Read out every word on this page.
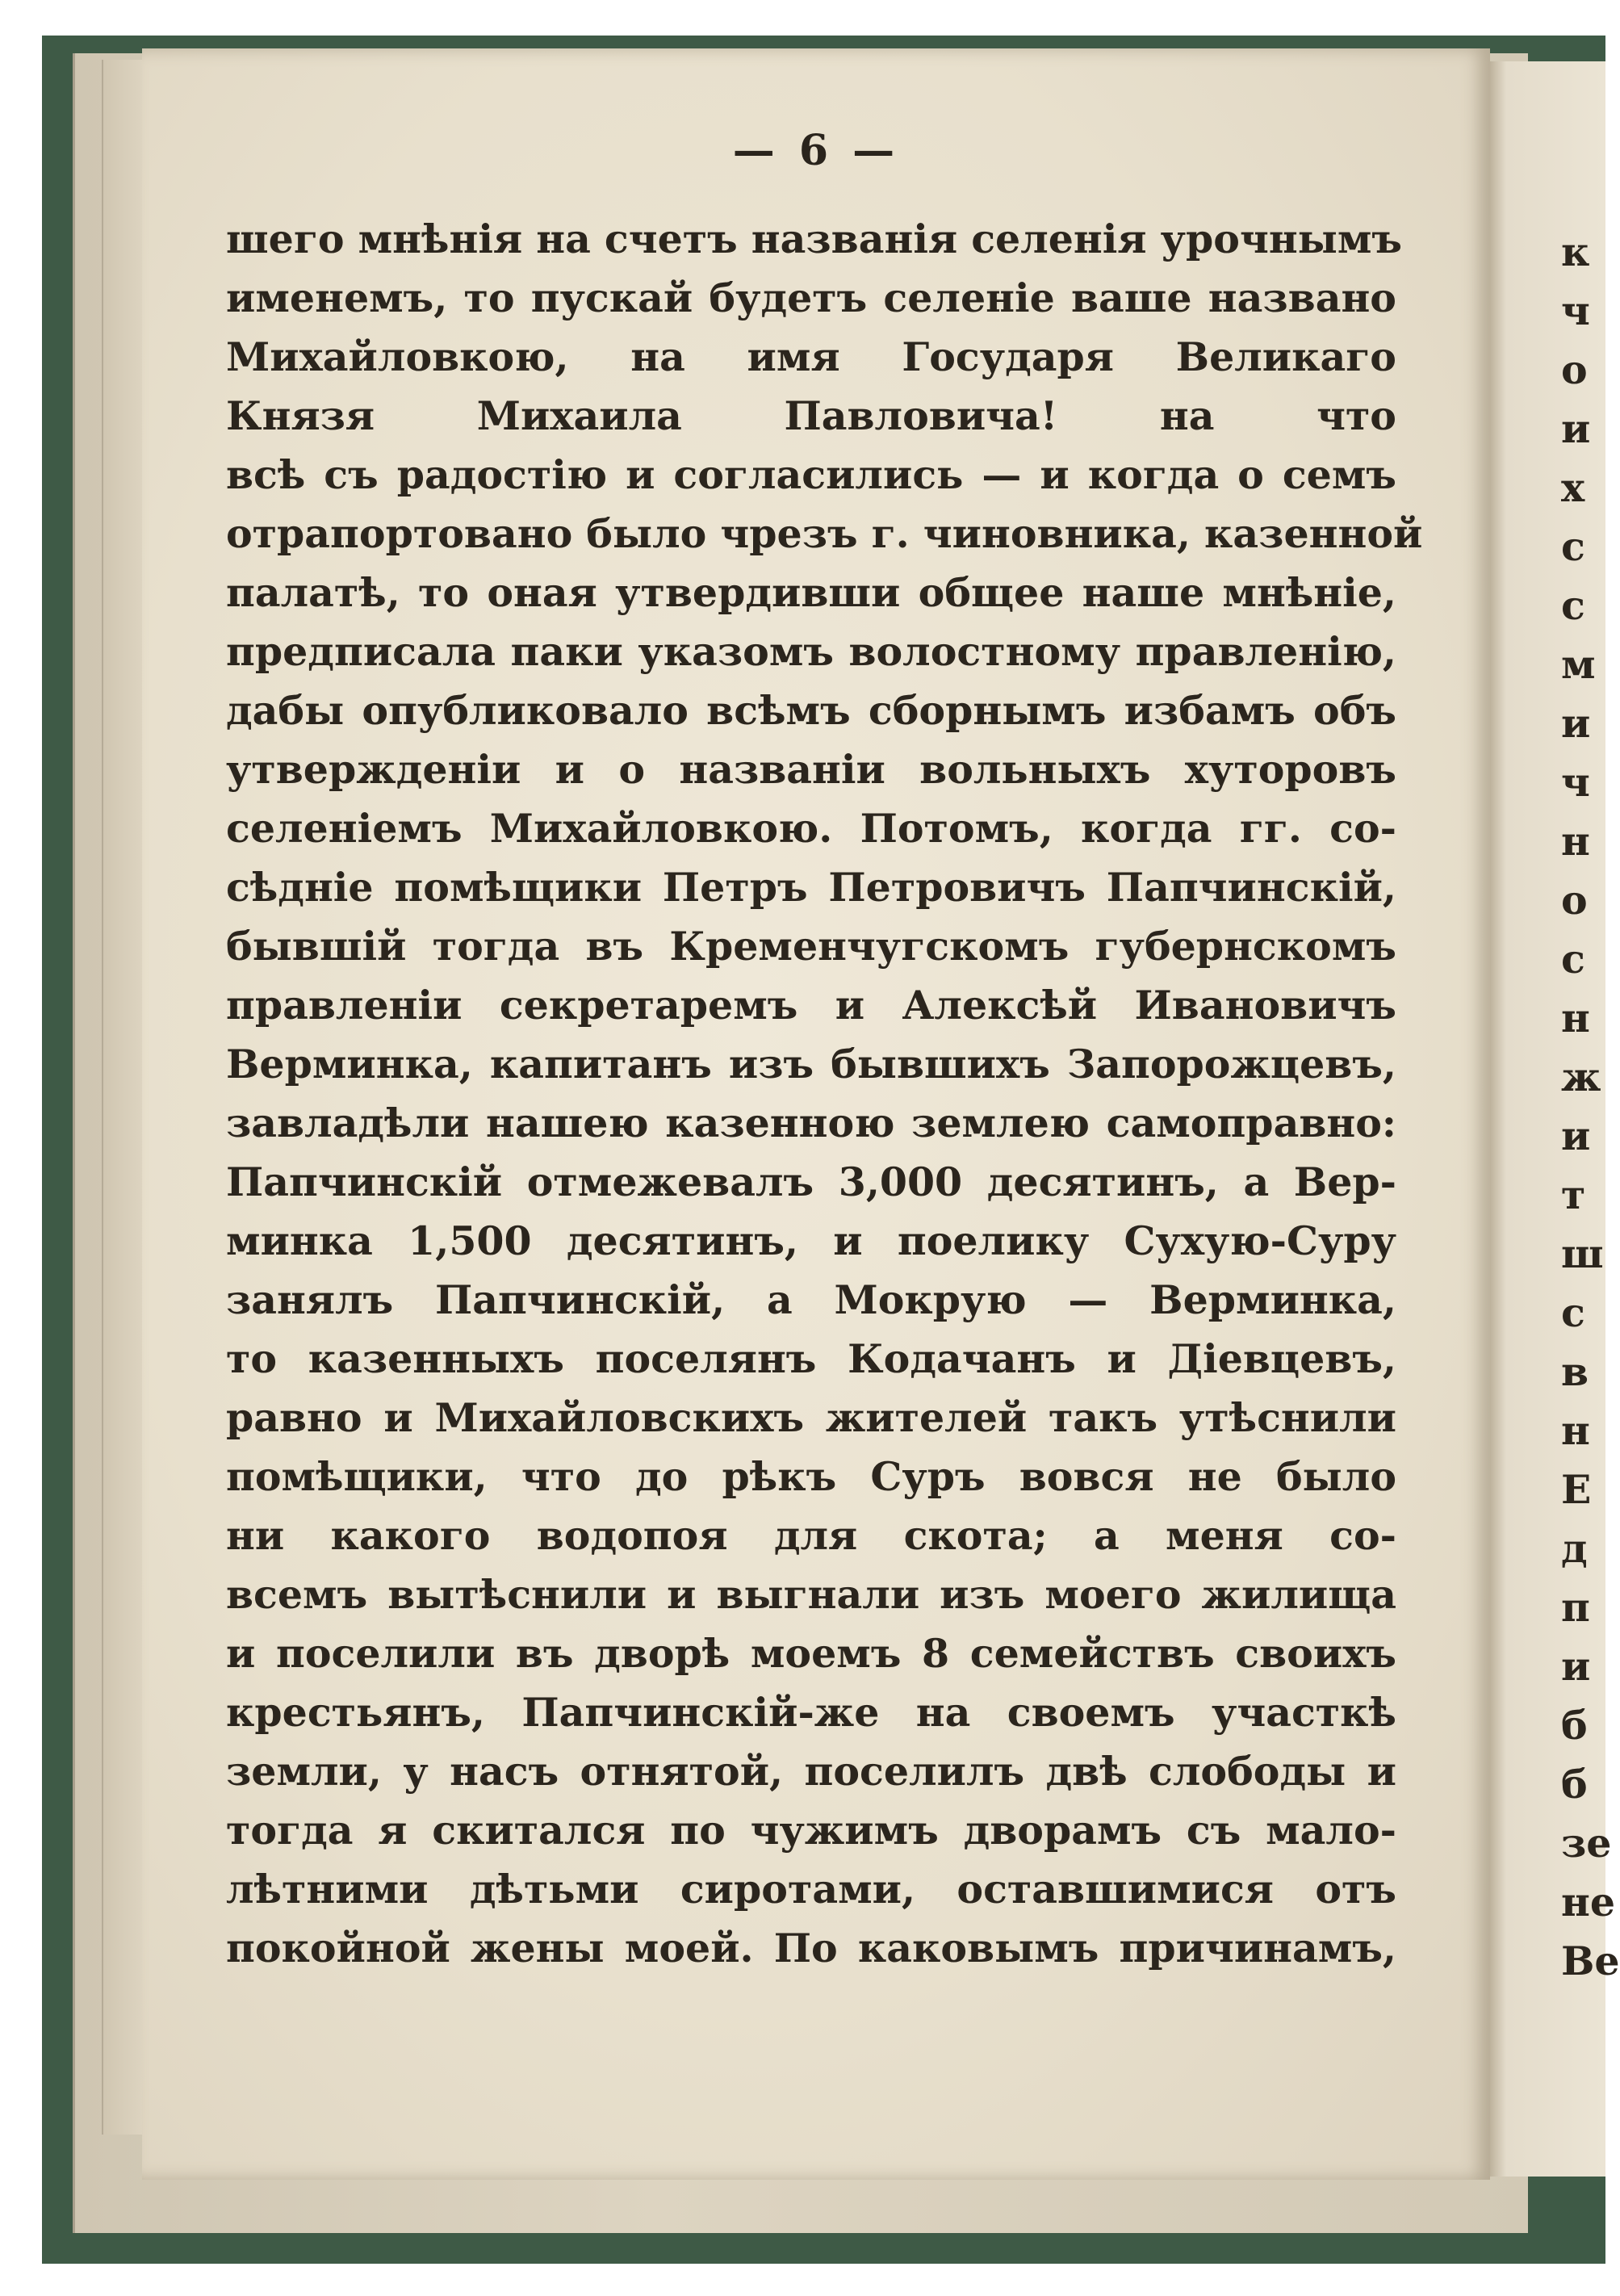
— 6 —
шего мнѣнія на счетъ названія селенія урочнымъ
именемъ, то пускай будетъ селеніе ваше названо
Михайловкою, на имя Государя Великаго
Князя Михаила Павловича! на что
всѣ съ радостію и согласились — и когда о семъ
отрапортовано было чрезъ г. чиновника, казенной
палатѣ, то оная утвердивши общее наше мнѣніе,
предписала паки указомъ волостному правленію,
дабы опубликовало всѣмъ сборнымъ избамъ объ
утвержденіи и о названіи вольныхъ хуторовъ
селеніемъ Михайловкою. Потомъ, когда гг. со-
сѣдніе помѣщики Петръ Петровичъ Папчинскій,
бывшій тогда въ Кременчугскомъ губернскомъ
правленіи секретаремъ и Алексѣй Ивановичъ
Верминка, капитанъ изъ бывшихъ Запорожцевъ,
завладѣли нашею казенною землею самоправно:
Папчинскій отмежевалъ 3,000 десятинъ, а Вер-
минка 1,500 десятинъ, и поелику Сухую-Суру
занялъ Папчинскій, а Мокрую — Верминка,
то казенныхъ поселянъ Кодачанъ и Діевцевъ,
равно и Михайловскихъ жителей такъ утѣснили
помѣщики, что до рѣкъ Суръ вовся не было
ни какого водопоя для скота; а меня со-
всемъ вытѣснили и выгнали изъ моего жилища
и поселили въ дворѣ моемъ 8 семействъ своихъ
крестьянъ, Папчинскій-же на своемъ участкѣ
земли, у насъ отнятой, поселилъ двѣ слободы и
тогда я скитался по чужимъ дворамъ съ мало-
лѣтними дѣтьми сиротами, оставшимися отъ
покойной жены моей. По каковымъ причинамъ,
к
ч
о
и
х
с
с
м
и
ч
н
о
с
н
ж
и
т
ш
с
в
н
Е
д
п
и
б
б
зе
не
Ве
